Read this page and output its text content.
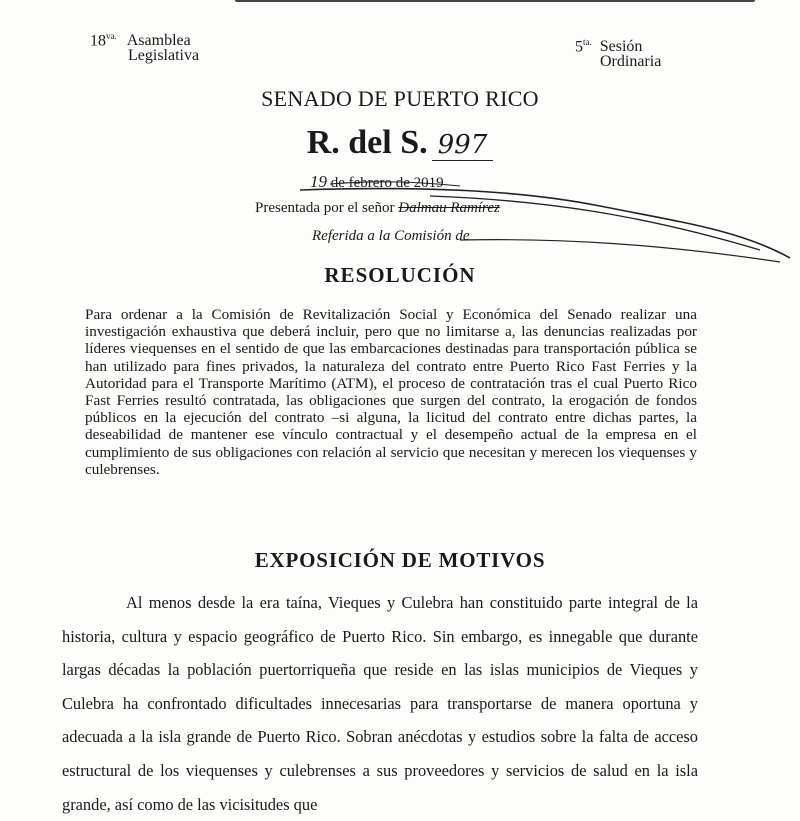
$18^{va.}$ Asamblea
Legislativa
$5^{ta.}$ Sesión
Ordinaria
SENADO DE PUERTO RICO
R. del S. 997
19 de febrero de 2019
Presentada por el señor Dalmau Ramírez
Referida a la Comisión de
RESOLUCIÓN
Para ordenar a la Comisión de Revitalización Social y Económica del Senado realizar una investigación exhaustiva que deberá incluir, pero que no limitarse a, las denuncias realizadas por líderes viequenses en el sentido de que las embarcaciones destinadas para transportación pública se han utilizado para fines privados, la naturaleza del contrato entre Puerto Rico Fast Ferries y la Autoridad para el Transporte Marítimo (ATM), el proceso de contratación tras el cual Puerto Rico Fast Ferries resultó contratada, las obligaciones que surgen del contrato, la erogación de fondos públicos en la ejecución del contrato –si alguna, la licitud del contrato entre dichas partes, la deseabilidad de mantener ese vínculo contractual y el desempeño actual de la empresa en el cumplimiento de sus obligaciones con relación al servicio que necesitan y merecen los viequenses y culebrenses.
EXPOSICIÓN DE MOTIVOS
Al menos desde la era taína, Vieques y Culebra han constituido parte integral de la historia, cultura y espacio geográfico de Puerto Rico. Sin embargo, es innegable que durante largas décadas la población puertorriqueña que reside en las islas municipios de Vieques y Culebra ha confrontado dificultades innecesarias para transportarse de manera oportuna y adecuada a la isla grande de Puerto Rico. Sobran anécdotas y estudios sobre la falta de acceso estructural de los viequenses y culebrenses a sus proveedores y servicios de salud en la isla grande, así como de las vicisitudes que
